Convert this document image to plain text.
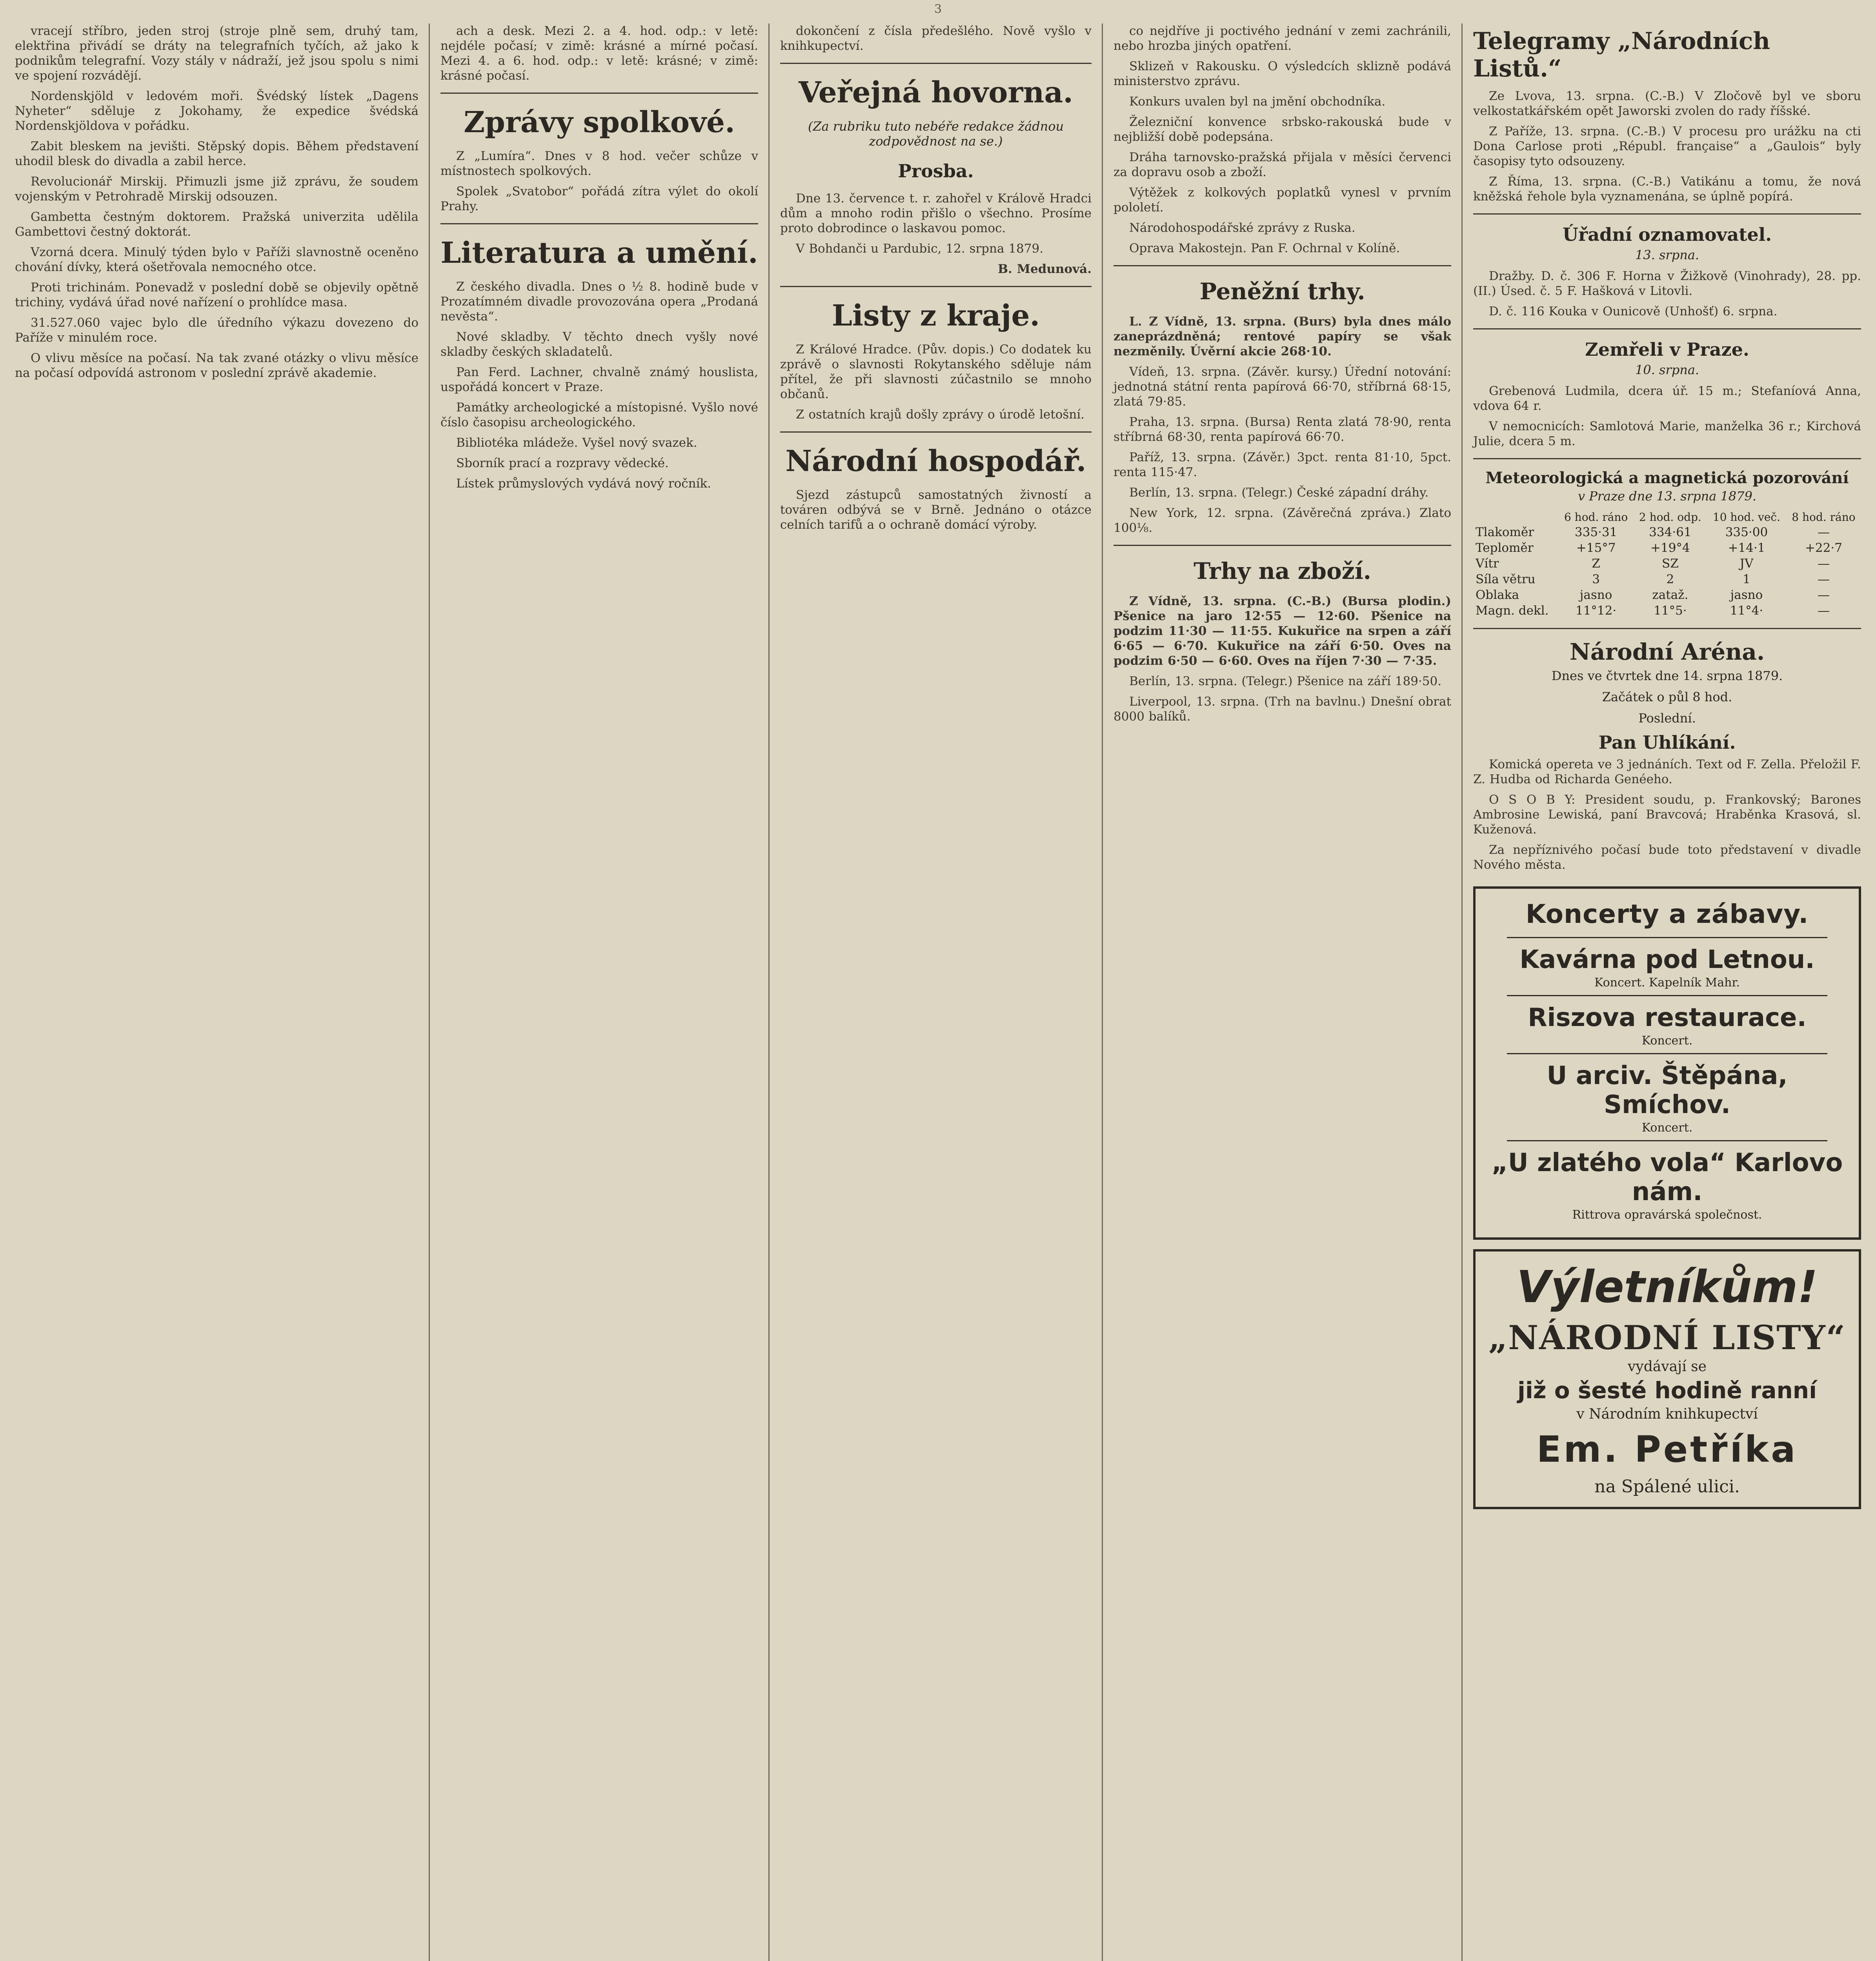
3

vracejí stříbro, jeden stroj (stroje plně sem, druhý tam, elektřina přivádí se dráty na telegrafních tyčích, až jako k podnikům telegrafní. Vozy stály v nádraží, jež jsou spolu s nimi ve spojení rozvádějí.

Nordenskjöld v ledovém moři. Švédský lístek „Dagens Nyheter“ sděluje z Jokohamy, že expedice švédská Nordenskjöldova v pořádku.

Zabit bleskem na jevišti. Stěpský dopis. Během představení uhodil blesk do divadla a zabil herce.

Revolucionář Mirskij. Přimuzli jsme již zprávu, že soudem vojenským v Petrohradě Mirskij odsouzen.

Gambetta čestným doktorem. Pražská univerzita udělila Gambettovi čestný doktorát.

Vzorná dcera. Minulý týden bylo v Paříži slavnostně oceněno chování dívky, která ošetřovala nemocného otce.

Proti trichinám. Ponevadž v poslední době se objevily opětně trichiny, vydává úřad nové nařízení o prohlídce masa.

31.527.060 vajec bylo dle úředního výkazu dovezeno do Paříže v minulém roce.

O vlivu měsíce na počasí. Na tak zvané otázky o vlivu měsíce na počasí odpovídá astronom v poslední zprávě akademie.

ach a desk. Mezi 2. a 4. hod. odp.: v letě: nejdéle počasí; v zimě: krásné a mírné počasí. Mezi 4. a 6. hod. odp.: v letě: krásné; v zimě: krásné počasí.

Zprávy spolkové.

Z „Lumíra“. Dnes v 8 hod. večer schůze v místnostech spolkových.

Spolek „Svatobor“ pořádá zítra výlet do okolí Prahy.

Literatura a umění.

Z českého divadla. Dnes o ½ 8. hodině bude v Prozatímném divadle provozována opera „Prodaná nevěsta“.

Nové skladby. V těchto dnech vyšly nové skladby českých skladatelů.

Pan Ferd. Lachner, chvalně známý houslista, uspořádá koncert v Praze.

Památky archeologické a místopisné. Vyšlo nové číslo časopisu archeologického.

Bibliotéka mládeže. Vyšel nový svazek.

Sborník prací a rozpravy vědecké.

Lístek průmyslových vydává nový ročník.

dokončení z čísla předešlého. Nově vyšlo v knihkupectví.

Veřejná hovorna.
(Za rubriku tuto nebéře redakce žádnou zodpovědnost na se.)
Prosba.

Dne 13. července t. r. zahořel v Králově Hradci dům a mnoho rodin přišlo o všechno. Prosíme proto dobrodince o laskavou pomoc.

V Bohdanči u Pardubic, 12. srpna 1879.

B. Medunová.

Listy z kraje.

Z Králové Hradce. (Pův. dopis.) Co dodatek ku zprávě o slavnosti Rokytanského sděluje nám přítel, že při slavnosti zúčastnilo se mnoho občanů.

Z ostatních krajů došly zprávy o úrodě letošní.

Národní hospodář.

Sjezd zástupců samostatných živností a továren odbývá se v Brně. Jednáno o otázce celních tarifů a o ochraně domácí výroby.

co nejdříve ji poctivého jednání v zemi zachránili, nebo hrozba jiných opatření.

Sklizeň v Rakousku. O výsledcích sklizně podává ministerstvo zprávu.

Konkurs uvalen byl na jmění obchodníka.

Železniční konvence srbsko-rakouská bude v nejbližší době podepsána.

Dráha tarnovsko-pražská přijala v měsíci červenci za dopravu osob a zboží.

Výtěžek z kolkových poplatků vynesl v prvním pololetí.

Národohospodářské zprávy z Ruska.

Oprava Makostejn. Pan F. Ochrnal v Kolíně.

Peněžní trhy.

L. Z Vídně, 13. srpna. (Burs) byla dnes málo zaneprázdněná; rentové papíry se však nezměnily. Úvěrní akcie 268·10.

Vídeň, 13. srpna. (Závěr. kursy.) Úřední notování: jednotná státní renta papírová 66·70, stříbrná 68·15, zlatá 79·85.

Praha, 13. srpna. (Bursa) Renta zlatá 78·90, renta stříbrná 68·30, renta papírová 66·70.

Paříž, 13. srpna. (Závěr.) 3pct. renta 81·10, 5pct. renta 115·47.

Berlín, 13. srpna. (Telegr.) České západní dráhy.

New York, 12. srpna. (Závěrečná zpráva.) Zlato 100⅛.

Trhy na zboží.

Z Vídně, 13. srpna. (C.-B.) (Bursa plodin.) Pšenice na jaro 12·55 — 12·60. Pšenice na podzim 11·30 — 11·55. Kukuřice na srpen a září 6·65 — 6·70. Kukuřice na září 6·50. Oves na podzim 6·50 — 6·60. Oves na říjen 7·30 — 7·35.

Berlín, 13. srpna. (Telegr.) Pšenice na září 189·50.

Liverpool, 13. srpna. (Trh na bavlnu.) Dnešní obrat 8000 balíků.

Telegramy „Národních Listů.“

Ze Lvova, 13. srpna. (C.-B.) V Zločově byl ve sboru velkostatkářském opět Jaworski zvolen do rady říšské.

Z Paříže, 13. srpna. (C.-B.) V procesu pro urážku na cti Dona Carlose proti „Républ. française“ a „Gaulois“ byly časopisy tyto odsouzeny.

Z Říma, 13. srpna. (C.-B.) Vatikánu a tomu, že nová kněžská řehole byla vyznamenána, se úplně popírá.

Úřadní oznamovatel.
13. srpna.

Dražby. D. č. 306 F. Horna v Žižkově (Vinohrady), 28. pp. (II.) Úsed. č. 5 F. Hašková v Litovli.

D. č. 116 Kouka v Ounicově (Unhošť) 6. srpna.

Zemřeli v Praze.
10. srpna.

Grebenová Ludmila, dcera úř. 15 m.; Stefaníová Anna, vdova 64 r.

V nemocnicích: Samlotová Marie, manželka 36 r.; Kirchová Julie, dcera 5 m.

Meteorologická a magnetická pozorování
v Praze dne 13. srpna 1879.
	6 hod. ráno	2 hod. odp.	10 hod. več.	8 hod. ráno
Tlakoměr	335·31	334·61	335·00	—
Teploměr	+15°7	+19°4	+14·1	+22·7
Vítr	Z	SZ	JV	—
Síla větru	3	2	1	—
Oblaka	jasno	zataž.	jasno	—
Magn. dekl.	11°12·	11°5·	11°4·	—
Národní Aréna.
Dnes ve čtvrtek dne 14. srpna 1879.
Začátek o půl 8 hod.
Poslední.
Pan Uhlíkání.

Komická opereta ve 3 jednáních. Text od F. Zella. Přeložil F. Z. Hudba od Richarda Genéeho.

O S O B Y: President soudu, p. Frankovský; Barones Ambrosine Lewiská, paní Bravcová; Hraběnka Krasová, sl. Kuženová.

Za nepříznivého počasí bude toto představení v divadle Nového města.

Koncerty a zábavy.
Kavárna pod Letnou.
Koncert. Kapelník Mahr.
Riszova restaurace.
Koncert.
U arciv. Štěpána, Smíchov.
Koncert.
„U zlatého vola“ Karlovo nám.
Rittrova opravárská společnost.
Výletníkům!
„NÁRODNÍ LISTY“
vydávají se
již o šesté hodině ranní
v Národním knihkupectví
Em. Petříka
na Spálené ulici.
